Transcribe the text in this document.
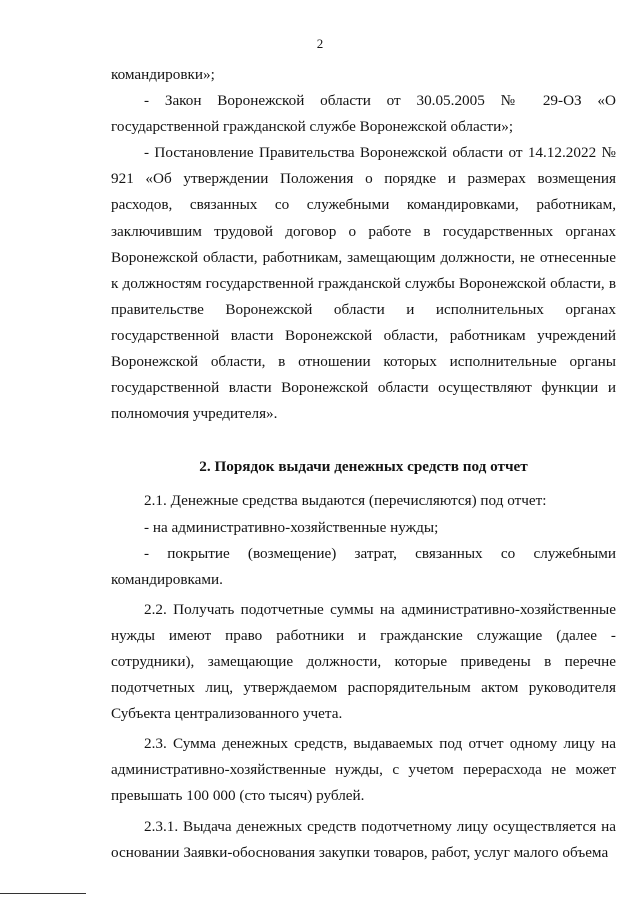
2

командировки»;

- Закон Воронежской области от 30.05.2005 № 29-ОЗ «О государственной гражданской службе Воронежской области»;

- Постановление Правительства Воронежской области от 14.12.2022 № 921 «Об утверждении Положения о порядке и размерах возмещения расходов, связанных со служебными командировками, работникам, заключившим трудовой договор о работе в государственных органах Воронежской области, работникам, замещающим должности, не отнесенные к должностям государственной гражданской службы Воронежской области, в правительстве Воронежской области и исполнительных органах государственной власти Воронежской области, работникам учреждений Воронежской области, в отношении которых исполнительные органы государственной власти Воронежской области осуществляют функции и полномочия учредителя».

2. Порядок выдачи денежных средств под отчет

2.1. Денежные средства выдаются (перечисляются) под отчет:

- на административно-хозяйственные нужды;

- покрытие (возмещение) затрат, связанных со служебными командировками.

2.2. Получать подотчетные суммы на административно-хозяйственные нужды имеют право работники и гражданские служащие (далее - сотрудники), замещающие должности, которые приведены в перечне подотчетных лиц, утверждаемом распорядительным актом руководителя Субъекта централизованного учета.

2.3. Сумма денежных средств, выдаваемых под отчет одному лицу на административно-хозяйственные нужды, с учетом перерасхода не может превышать 100 000 (сто тысяч) рублей.

2.3.1. Выдача денежных средств подотчетному лицу осуществляется на основании Заявки-обоснования закупки товаров, работ, услуг малого объема
